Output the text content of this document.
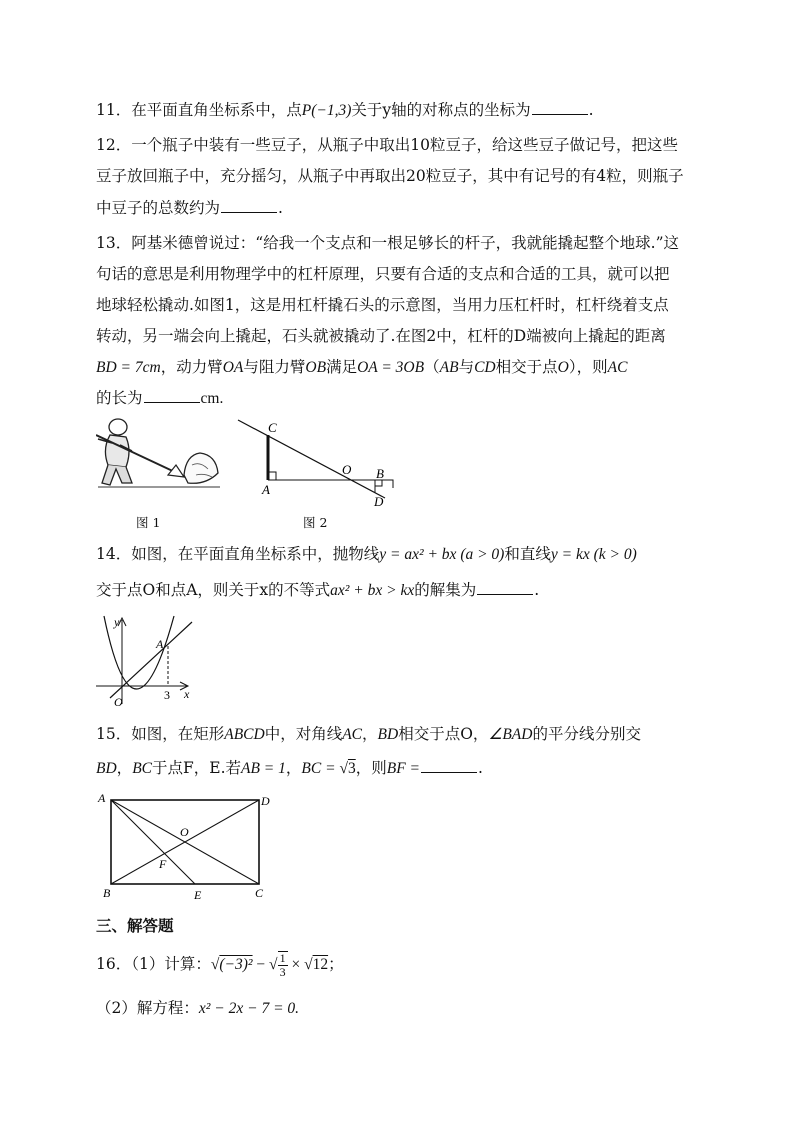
11．在平面直角坐标系中，点P(−1,3)关于y轴的对称点的坐标为	.
12．一个瓶子中装有一些豆子，从瓶子中取出10粒豆子，给这些豆子做记号，把这些
豆子放回瓶子中，充分摇匀，从瓶子中再取出20粒豆子，其中有记号的有4粒，则瓶子
中豆子的总数约为	.
13．阿基米德曾说过：“给我一个支点和一根足够长的杆子，我就能撬起整个地球.”这
句话的意思是利用物理学中的杠杆原理，只要有合适的支点和合适的工具，就可以把
地球轻松撬动.如图1，这是用杠杆撬石头的示意图，当用力压杠杆时，杠杆绕着支点
转动，另一端会向上撬起，石头就被撬动了.在图2中，杠杆的D端被向上撬起的距离
BD = 7cm，动力臂OA与阻力臂OB满足OA = 3OB（AB与CD相交于点O），则AC
的长为	cm.
图 1
C
A
O B
D
图 2
14．如图，在平面直角坐标系中，抛物线y = ax² + bx (a > 0)和直线y = kx (k > 0)
交于点O和点A，则关于x的不等式ax² + bx > kx的解集为	.
y
x
A
O	3
15．如图，在矩形ABCD中，对角线AC，BD相交于点O，∠BAD的平分线分别交
BD，BC于点F，E.若AB = 1，BC = √3，则BF =	.
A	D
O
F
B	E	C
三、解答题
16．（1）计算：√(−3)² − √ $\frac{1}{3} \times √12$；
（2）解方程：x² − 2x − 7 = 0.
